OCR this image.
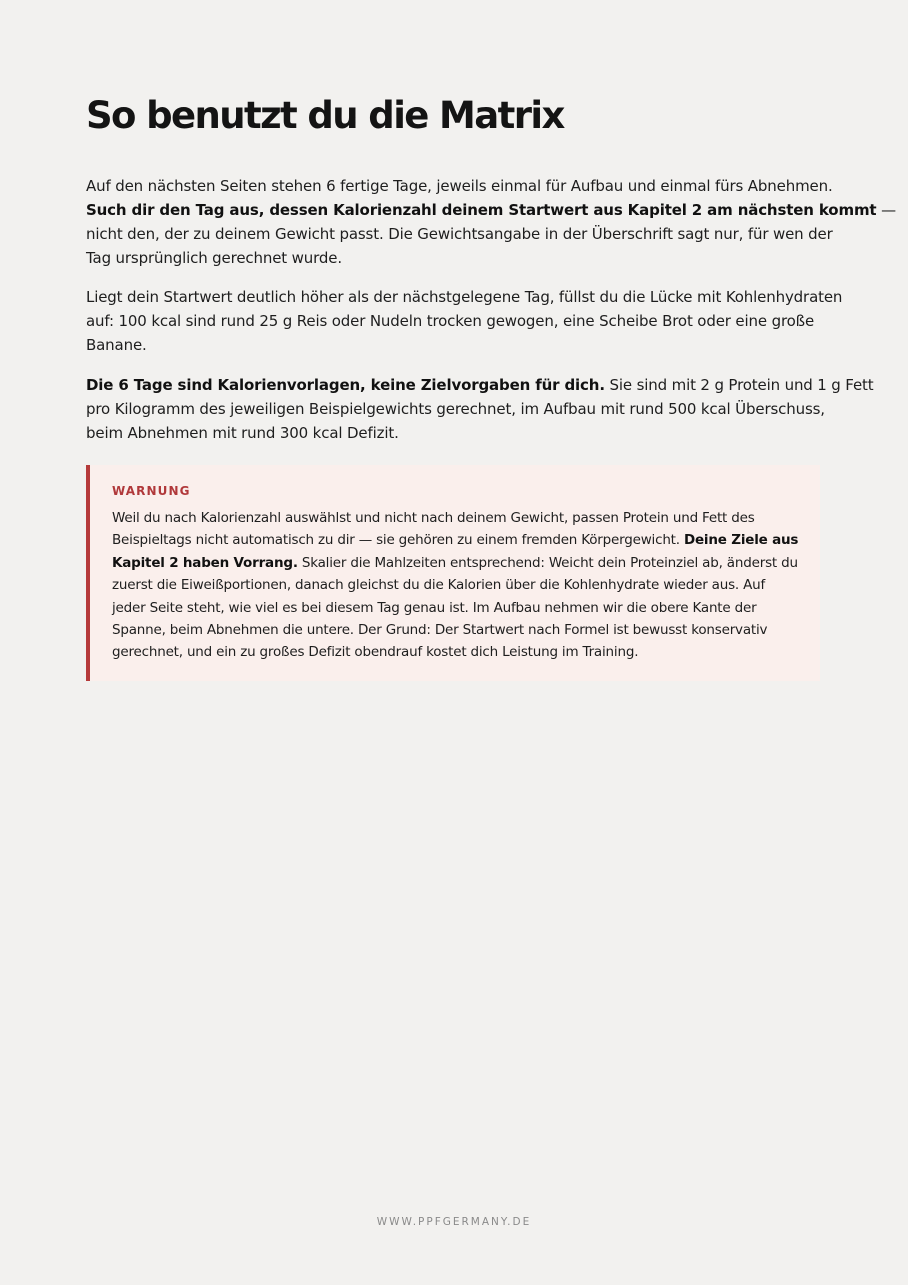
So benutzt du die Matrix
Auf den nächsten Seiten stehen 6 fertige Tage, jeweils einmal für Aufbau und einmal fürs Abnehmen.
Such dir den Tag aus, dessen Kalorienzahl deinem Startwert aus Kapitel 2 am nächsten kommt —
nicht den, der zu deinem Gewicht passt. Die Gewichtsangabe in der Überschrift sagt nur, für wen der
Tag ursprünglich gerechnet wurde.
Liegt dein Startwert deutlich höher als der nächstgelegene Tag, füllst du die Lücke mit Kohlenhydraten
auf: 100 kcal sind rund 25 g Reis oder Nudeln trocken gewogen, eine Scheibe Brot oder eine große
Banane.
Die 6 Tage sind Kalorienvorlagen, keine Zielvorgaben für dich. Sie sind mit 2 g Protein und 1 g Fett
pro Kilogramm des jeweiligen Beispielgewichts gerechnet, im Aufbau mit rund 500 kcal Überschuss,
beim Abnehmen mit rund 300 kcal Defizit.
WARNUNG
Weil du nach Kalorienzahl auswählst und nicht nach deinem Gewicht, passen Protein und Fett des
Beispieltags nicht automatisch zu dir — sie gehören zu einem fremden Körpergewicht. Deine Ziele aus
Kapitel 2 haben Vorrang. Skalier die Mahlzeiten entsprechend: Weicht dein Proteinziel ab, änderst du
zuerst die Eiweißportionen, danach gleichst du die Kalorien über die Kohlenhydrate wieder aus. Auf
jeder Seite steht, wie viel es bei diesem Tag genau ist. Im Aufbau nehmen wir die obere Kante der
Spanne, beim Abnehmen die untere. Der Grund: Der Startwert nach Formel ist bewusst konservativ
gerechnet, und ein zu großes Defizit obendrauf kostet dich Leistung im Training.
WWW.PPFGERMANY.DE
